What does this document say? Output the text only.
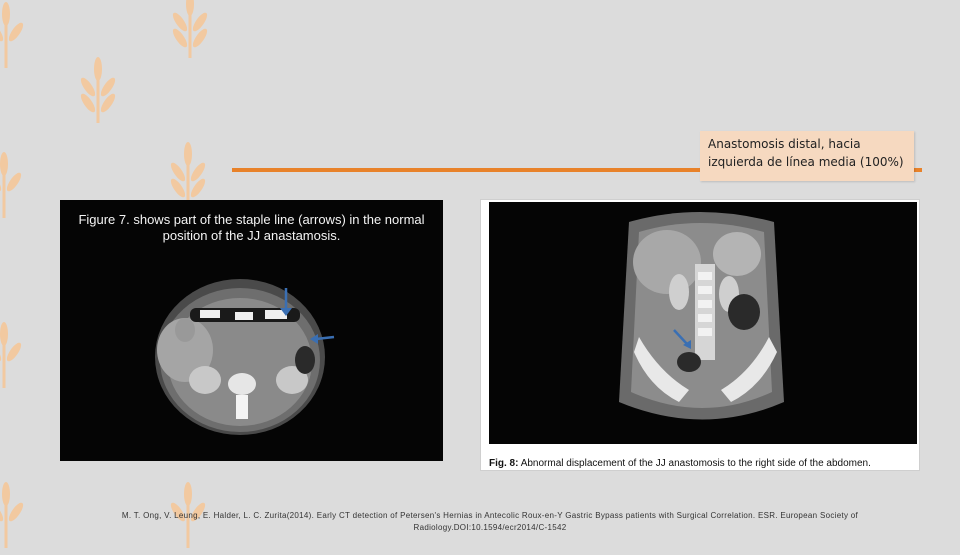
Anastomosis distal, hacia izquierda de línea media (100%)
Figure 7. shows part of the staple line (arrows) in the normal position of the JJ anastamosis.
Fig. 8: Abnormal displacement of the JJ anastomosis to the right side of the abdomen.
M. T. Ong, V. Leung, E. Halder, L. C. Zurita(2014). Early CT detection of Petersen's Hernias in Antecolic Roux-en-Y Gastric Bypass patients with Surgical Correlation. ESR. European Society of Radiology.DOI:10.1594/ecr2014/C-1542
